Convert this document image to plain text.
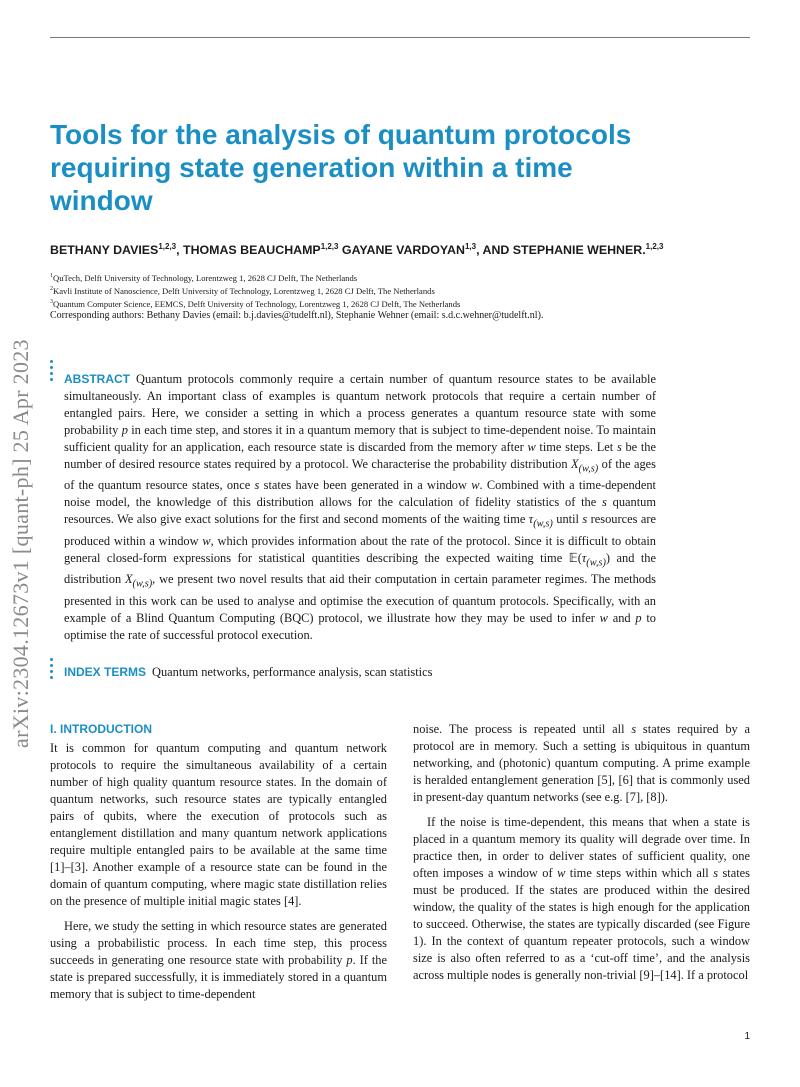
arXiv:2304.12673v1 [quant-ph] 25 Apr 2023
Tools for the analysis of quantum protocols requiring state generation within a time window
BETHANY DAVIES$^{1,2,3}$, THOMAS BEAUCHAMP$^{1,2,3}$ GAYANE VARDOYAN$^{1,3}$, AND STEPHANIE WEHNER.$^{1,2,3}$
$^1$QuTech, Delft University of Technology, Lorentzweg 1, 2628 CJ Delft, The Netherlands
$^2$Kavli Institute of Nanoscience, Delft University of Technology, Lorentzweg 1, 2628 CJ Delft, The Netherlands
$^3$Quantum Computer Science, EEMCS, Delft University of Technology, Lorentzweg 1, 2628 CJ Delft, The Netherlands
Corresponding authors: Bethany Davies (email: b.j.davies@tudelft.nl), Stephanie Wehner (email: s.d.c.wehner@tudelft.nl).

ABSTRACT Quantum protocols commonly require a certain number of quantum resource states to be available simultaneously. An important class of examples is quantum network protocols that require a certain number of entangled pairs. Here, we consider a setting in which a process generates a quantum resource state with some probability p in each time step, and stores it in a quantum memory that is subject to time-dependent noise. To maintain sufficient quality for an application, each resource state is discarded from the memory after w time steps. Let s be the number of desired resource states required by a protocol. We characterise the probability distribution $X_{(w,s)}$ of the ages of the quantum resource states, once s states have been generated in a window w. Combined with a time-dependent noise model, the knowledge of this distribution allows for the calculation of fidelity statistics of the s quantum resources. We also give exact solutions for the first and second moments of the waiting time $\tau_{(w,s)}$ until s resources are produced within a window w, which provides information about the rate of the protocol. Since it is difficult to obtain general closed-form expressions for statistical quantities describing the expected waiting time $𝔼(\tau_{(w,s)})$ and the distribution $X_{(w,s)}$, we present two novel results that aid their computation in certain parameter regimes. The methods presented in this work can be used to analyse and optimise the execution of quantum protocols. Specifically, with an example of a Blind Quantum Computing (BQC) protocol, we illustrate how they may be used to infer w and p to optimise the rate of successful protocol execution.

INDEX TERMS Quantum networks, performance analysis, scan statistics
I. INTRODUCTION

It is common for quantum computing and quantum network protocols to require the simultaneous availability of a certain number of high quality quantum resource states. In the domain of quantum networks, such resource states are typically entangled pairs of qubits, where the execution of protocols such as entanglement distillation and many quantum network applications require multiple entangled pairs to be available at the same time [1]–[3]. Another example of a resource state can be found in the domain of quantum computing, where magic state distillation relies on the presence of multiple initial magic states [4].

Here, we study the setting in which resource states are generated using a probabilistic process. In each time step, this process succeeds in generating one resource state with probability p. If the state is prepared successfully, it is immediately stored in a quantum memory that is subject to time-dependent

noise. The process is repeated until all s states required by a protocol are in memory. Such a setting is ubiquitous in quantum networking, and (photonic) quantum computing. A prime example is heralded entanglement generation [5], [6] that is commonly used in present-day quantum networks (see e.g. [7], [8]).

If the noise is time-dependent, this means that when a state is placed in a quantum memory its quality will degrade over time. In practice then, in order to deliver states of sufficient quality, one often imposes a window of w time steps within which all s states must be produced. If the states are produced within the desired window, the quality of the states is high enough for the application to succeed. Otherwise, the states are typically discarded (see Figure 1). In the context of quantum repeater protocols, such a window size is also often referred to as a ‘cut-off time’, and the analysis across multiple nodes is generally non-trivial [9]–[14]. If a protocol

1
